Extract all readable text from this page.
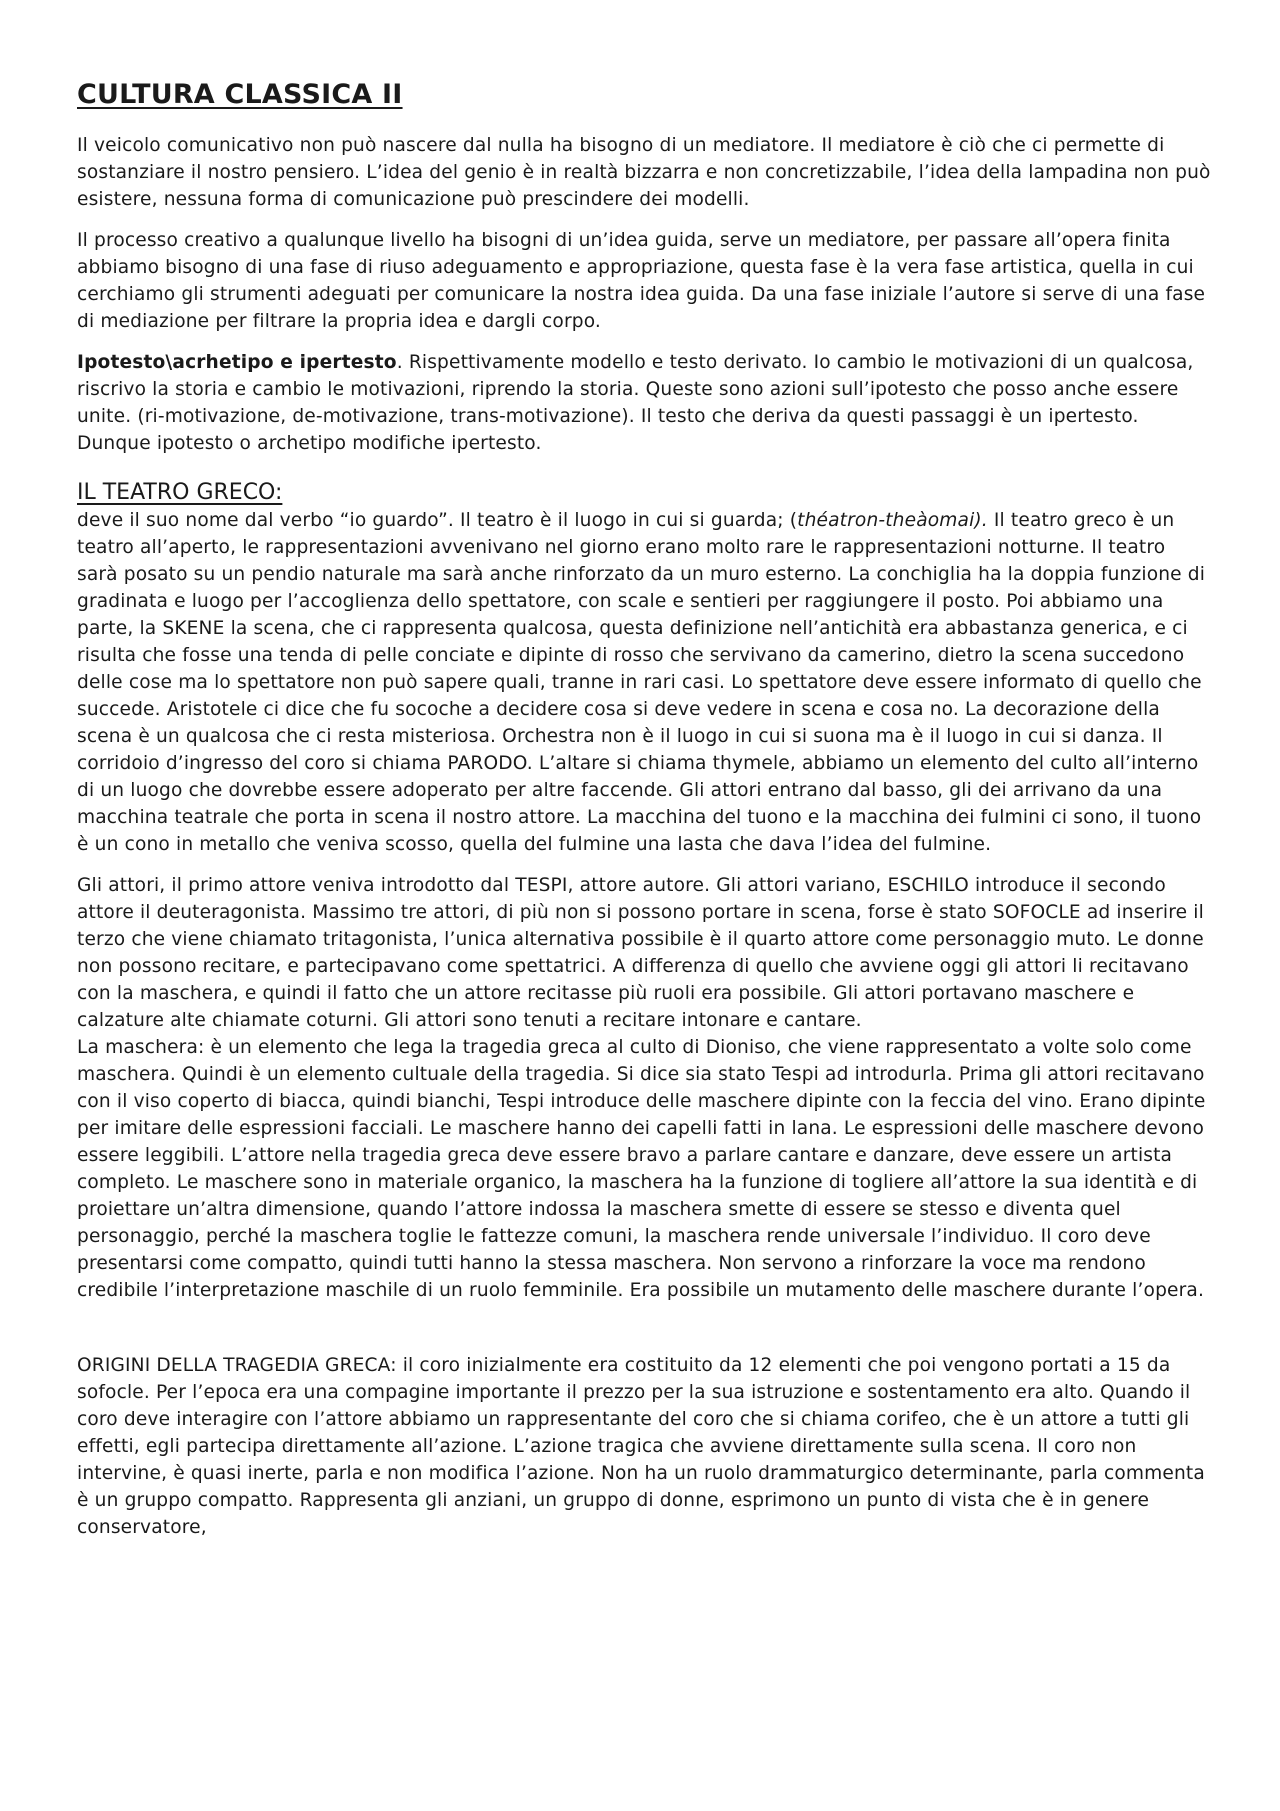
CULTURA CLASSICA II

Il veicolo comunicativo non può nascere dal nulla ha bisogno di un mediatore. Il mediatore è ciò che ci permette di sostanziare il nostro pensiero. L’idea del genio è in realtà bizzarra e non concretizzabile, l’idea della lampadina non può esistere, nessuna forma di comunicazione può prescindere dei modelli.

Il processo creativo a qualunque livello ha bisogni di un’idea guida, serve un mediatore, per passare all’opera finita abbiamo bisogno di una fase di riuso adeguamento e appropriazione, questa fase è la vera fase artistica, quella in cui cerchiamo gli strumenti adeguati per comunicare la nostra idea guida. Da una fase iniziale l’autore si serve di una fase di mediazione per filtrare la propria idea e dargli corpo.

Ipotesto\acrhetipo e ipertesto. Rispettivamente modello e testo derivato. Io cambio le motivazioni di un qualcosa, riscrivo la storia e cambio le motivazioni, riprendo la storia. Queste sono azioni sull’ipotesto che posso anche essere unite. (ri-motivazione, de-motivazione, trans-motivazione). Il testo che deriva da questi passaggi è un ipertesto.

Dunque ipotesto o archetipo modifiche ipertesto.

IL TEATRO GRECO:

deve il suo nome dal verbo “io guardo”. Il teatro è il luogo in cui si guarda; (théatron-theàomai). Il teatro greco è un teatro all’aperto, le rappresentazioni avvenivano nel giorno erano molto rare le rappresentazioni notturne. Il teatro sarà posato su un pendio naturale ma sarà anche rinforzato da un muro esterno. La conchiglia ha la doppia funzione di gradinata e luogo per l’accoglienza dello spettatore, con scale e sentieri per raggiungere il posto. Poi abbiamo una parte, la SKENE la scena, che ci rappresenta qualcosa, questa definizione nell’antichità era abbastanza generica, e ci risulta che fosse una tenda di pelle conciate e dipinte di rosso che servivano da camerino, dietro la scena succedono delle cose ma lo spettatore non può sapere quali, tranne in rari casi. Lo spettatore deve essere informato di quello che succede. Aristotele ci dice che fu socoche a decidere cosa si deve vedere in scena e cosa no. La decorazione della scena è un qualcosa che ci resta misteriosa. Orchestra non è il luogo in cui si suona ma è il luogo in cui si danza. Il corridoio d’ingresso del coro si chiama PARODO. L’altare si chiama thymele, abbiamo un elemento del culto all’interno di un luogo che dovrebbe essere adoperato per altre faccende. Gli attori entrano dal basso, gli dei arrivano da una macchina teatrale che porta in scena il nostro attore. La macchina del tuono e la macchina dei fulmini ci sono, il tuono è un cono in metallo che veniva scosso, quella del fulmine una lasta che dava l’idea del fulmine.

Gli attori, il primo attore veniva introdotto dal TESPI, attore autore. Gli attori variano, ESCHILO introduce il secondo attore il deuteragonista. Massimo tre attori, di più non si possono portare in scena, forse è stato SOFOCLE ad inserire il terzo che viene chiamato tritagonista, l’unica alternativa possibile è il quarto attore come personaggio muto. Le donne non possono recitare, e partecipavano come spettatrici. A differenza di quello che avviene oggi gli attori li recitavano con la maschera, e quindi il fatto che un attore recitasse più ruoli era possibile. Gli attori portavano maschere e calzature alte chiamate coturni. Gli attori sono tenuti a recitare intonare e cantare.

La maschera: è un elemento che lega la tragedia greca al culto di Dioniso, che viene rappresentato a volte solo come maschera. Quindi è un elemento cultuale della tragedia. Si dice sia stato Tespi ad introdurla. Prima gli attori recitavano con il viso coperto di biacca, quindi bianchi, Tespi introduce delle maschere dipinte con la feccia del vino. Erano dipinte per imitare delle espressioni facciali. Le maschere hanno dei capelli fatti in lana. Le espressioni delle maschere devono essere leggibili. L’attore nella tragedia greca deve essere bravo a parlare cantare e danzare, deve essere un artista completo. Le maschere sono in materiale organico, la maschera ha la funzione di togliere all’attore la sua identità e di proiettare un’altra dimensione, quando l’attore indossa la maschera smette di essere se stesso e diventa quel personaggio, perché la maschera toglie le fattezze comuni, la maschera rende universale l’individuo. Il coro deve presentarsi come compatto, quindi tutti hanno la stessa maschera. Non servono a rinforzare la voce ma rendono credibile l’interpretazione maschile di un ruolo femminile. Era possibile un mutamento delle maschere durante l’opera.

ORIGINI DELLA TRAGEDIA GRECA: il coro inizialmente era costituito da 12 elementi che poi vengono portati a 15 da sofocle. Per l’epoca era una compagine importante il prezzo per la sua istruzione e sostentamento era alto. Quando il coro deve interagire con l’attore abbiamo un rappresentante del coro che si chiama corifeo, che è un attore a tutti gli effetti, egli partecipa direttamente all’azione. L’azione tragica che avviene direttamente sulla scena. Il coro non intervine, è quasi inerte, parla e non modifica l’azione. Non ha un ruolo drammaturgico determinante, parla commenta è un gruppo compatto. Rappresenta gli anziani, un gruppo di donne, esprimono un punto di vista che è in genere conservatore,
